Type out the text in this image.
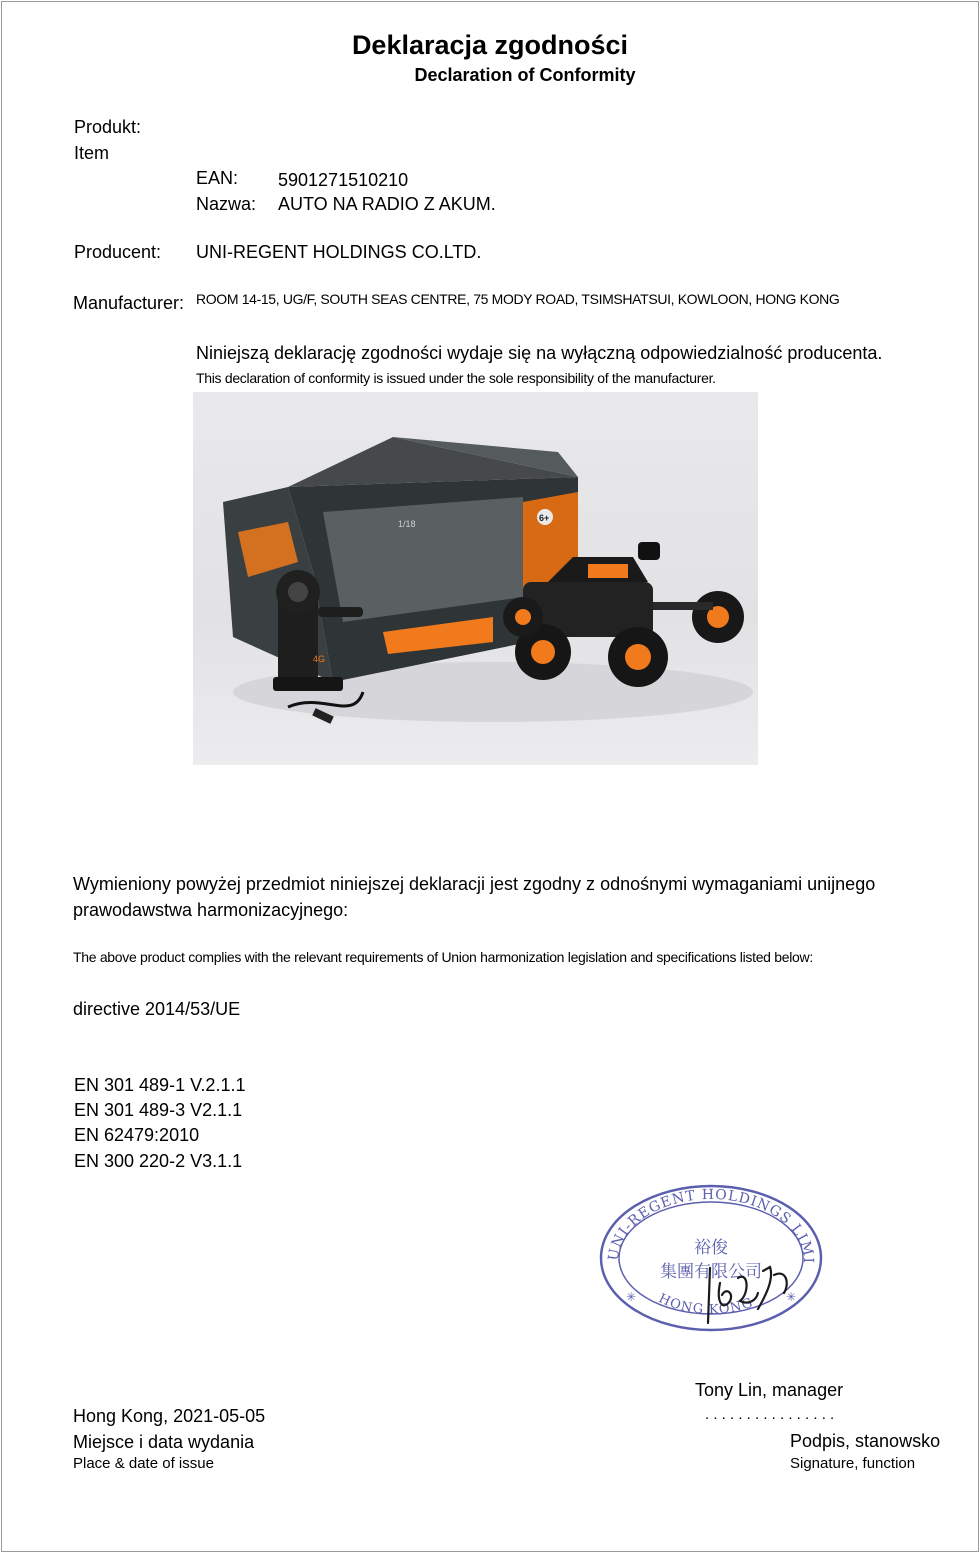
Deklaracja zgodności
Declaration of Conformity
Produkt:
Item
EAN: 5901271510210
Nazwa: AUTO NA RADIO Z AKUM.
Producent: UNI-REGENT HOLDINGS CO.LTD.
Manufacturer: ROOM 14-15, UG/F, SOUTH SEAS CENTRE, 75 MODY ROAD, TSIMSHATSUI, KOWLOON, HONG KONG
Niniejszą deklarację zgodności wydaje się na wyłączną odpowiedzialność producenta.
This declaration of conformity is issued under the sole responsibility of the manufacturer.
MX
1/18
6+
4G
Wymieniony powyżej przedmiot niniejszej deklaracji jest zgodny z odnośnymi wymaganiami unijnego
prawodawstwa harmonizacyjnego:
The above product complies with the relevant requirements of Union harmonization legislation and specifications listed below:
directive 2014/53/UE
EN 301 489-1 V.2.1.1
EN 301 489-3 V2.1.1
EN 62479:2010
EN 300 220-2 V3.1.1
UNI-REGENT HOLDINGS LIMI
裕俊
集團有限公司
HONG KONG
✳	✳
Tony Lin, manager
. . . . . . . . . . . . . . . .
Podpis, stanowsko
Signature, function
Hong Kong, 2021-05-05
Miejsce i data wydania
Place & date of issue
